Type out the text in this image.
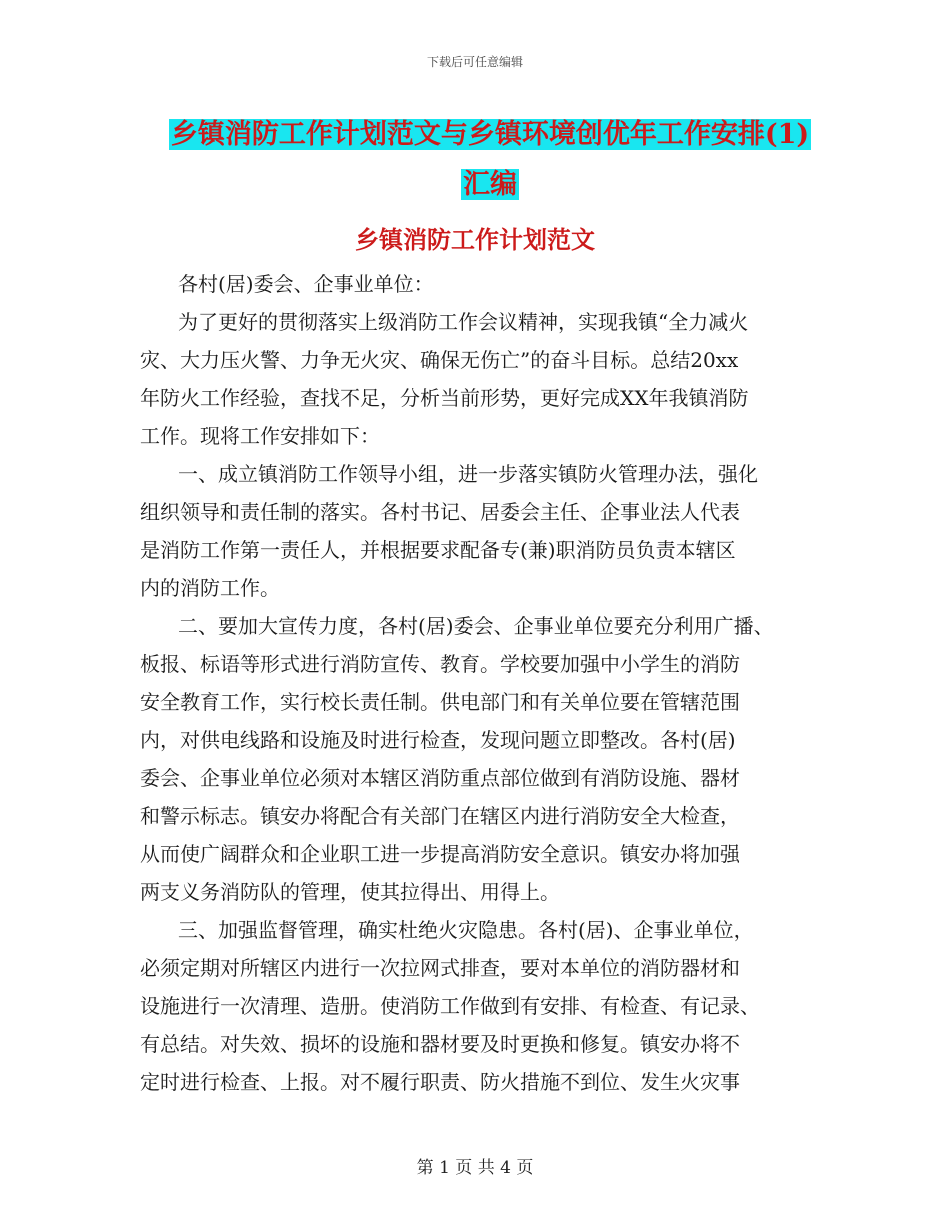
下载后可任意编辑
乡镇消防工作计划范文与乡镇环境创优年工作安排(1)
汇编
乡镇消防工作计划范文

各村(居)委会、企事业单位：

为了更好的贯彻落实上级消防工作会议精神，实现我镇“全力减火

灾、大力压火警、力争无火灾、确保无伤亡”的奋斗目标。总结20xx

年防火工作经验，查找不足，分析当前形势，更好完成XX年我镇消防

工作。现将工作安排如下：

一、成立镇消防工作领导小组，进一步落实镇防火管理办法，强化

组织领导和责任制的落实。各村书记、居委会主任、企事业法人代表

是消防工作第一责任人，并根据要求配备专(兼)职消防员负责本辖区

内的消防工作。

二、要加大宣传力度，各村(居)委会、企事业单位要充分利用广播、

板报、标语等形式进行消防宣传、教育。学校要加强中小学生的消防

安全教育工作，实行校长责任制。供电部门和有关单位要在管辖范围

内，对供电线路和设施及时进行检查，发现问题立即整改。各村(居)

委会、企事业单位必须对本辖区消防重点部位做到有消防设施、器材

和警示标志。镇安办将配合有关部门在辖区内进行消防安全大检查，

从而使广阔群众和企业职工进一步提高消防安全意识。镇安办将加强

两支义务消防队的管理，使其拉得出、用得上。

三、加强监督管理，确实杜绝火灾隐患。各村(居)、企事业单位，

必须定期对所辖区内进行一次拉网式排查，要对本单位的消防器材和

设施进行一次清理、造册。使消防工作做到有安排、有检查、有记录、

有总结。对失效、损坏的设施和器材要及时更换和修复。镇安办将不

定时进行检查、上报。对不履行职责、防火措施不到位、发生火灾事

第 1 页 共 4 页
